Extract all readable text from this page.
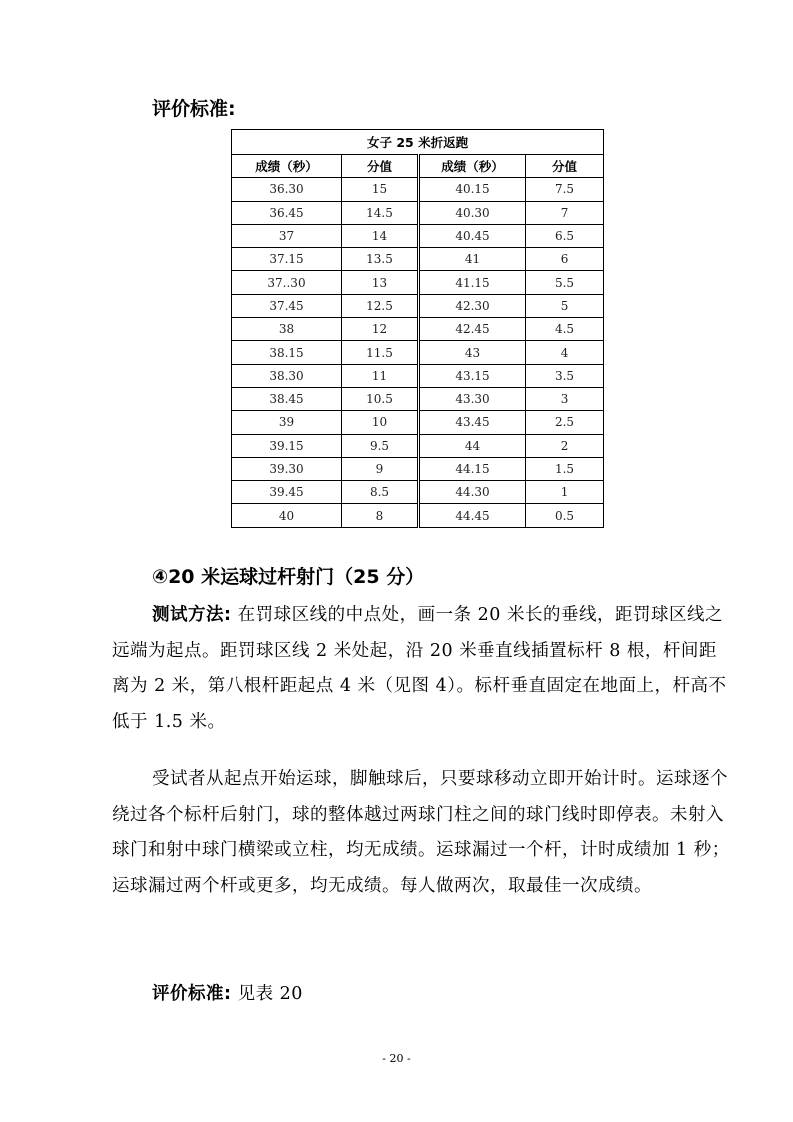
评价标准:
女子 25 米折返跑			
成绩（秒）	分值	成绩（秒）	分值
36.30	15	40.15	7.5
36.45	14.5	40.30	7
37	14	40.45	6.5
37.15	13.5	41	6
37..30	13	41.15	5.5
37.45	12.5	42.30	5
38	12	42.45	4.5
38.15	11.5	43	4
38.30	11	43.15	3.5
38.45	10.5	43.30	3
39	10	43.45	2.5
39.15	9.5	44	2
39.30	9	44.15	1.5
39.45	8.5	44.30	1
40	8	44.45	0.5
④20 米运球过杆射门（25 分）
测试方法: 在罚球区线的中点处，画一条 20 米长的垂线，距罚球区线之远端为起点。距罚球区线 2 米处起，沿 20 米垂直线插置标杆 8 根，杆间距离为 2 米，第八根杆距起点 4 米（见图 4）。标杆垂直固定在地面上，杆高不低于 1.5 米。
受试者从起点开始运球，脚触球后，只要球移动立即开始计时。运球逐个绕过各个标杆后射门，球的整体越过两球门柱之间的球门线时即停表。未射入球门和射中球门横梁或立柱，均无成绩。运球漏过一个杆，计时成绩加 1 秒；运球漏过两个杆或更多，均无成绩。每人做两次，取最佳一次成绩。
评价标准: 见表 20
- 20 -
